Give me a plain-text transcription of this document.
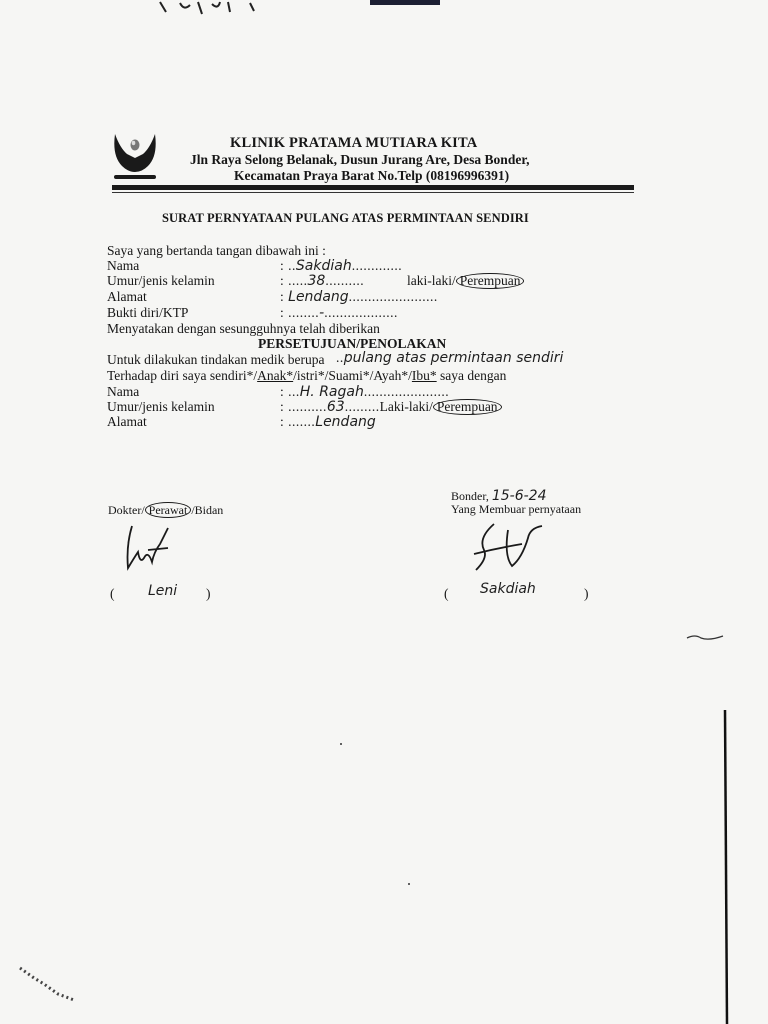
KLINIK PRATAMA MUTIARA KITA
Jln Raya Selong Belanak, Dusun Jurang Are, Desa Bonder,
Kecamatan Praya Barat No.Telp (08196996391)
SURAT PERNYATAAN PULANG ATAS PERMINTAAN SENDIRI
Saya yang bertanda tangan dibawah ini :
Nama	: ..Sakdiah.............
Umur/jenis kelamin	: .....38..........	laki-laki/ Perempuan
Alamat	: Lendang.......................
Bukti diri/KTP	: ........-...................
Menyatakan dengan sesungguhnya telah diberikan
PERSETUJUAN/PENOLAKAN
Untuk dilakukan tindakan medik berupa ..pulang atas permintaan sendiri
Terhadap diri saya sendiri*/Anak*/istri*/Suami*/Ayah*/Ibu* saya dengan
Nama	: ...H. Ragah......................
Umur/jenis kelamin	: ..........63.........Laki-laki/ Perempuan
Alamat	: .......Lendang
Dokter/ Perawat /Bidan
( Leni )
Bonder, 15-6-24
Yang Membuar pernyataan
( Sakdiah	)
